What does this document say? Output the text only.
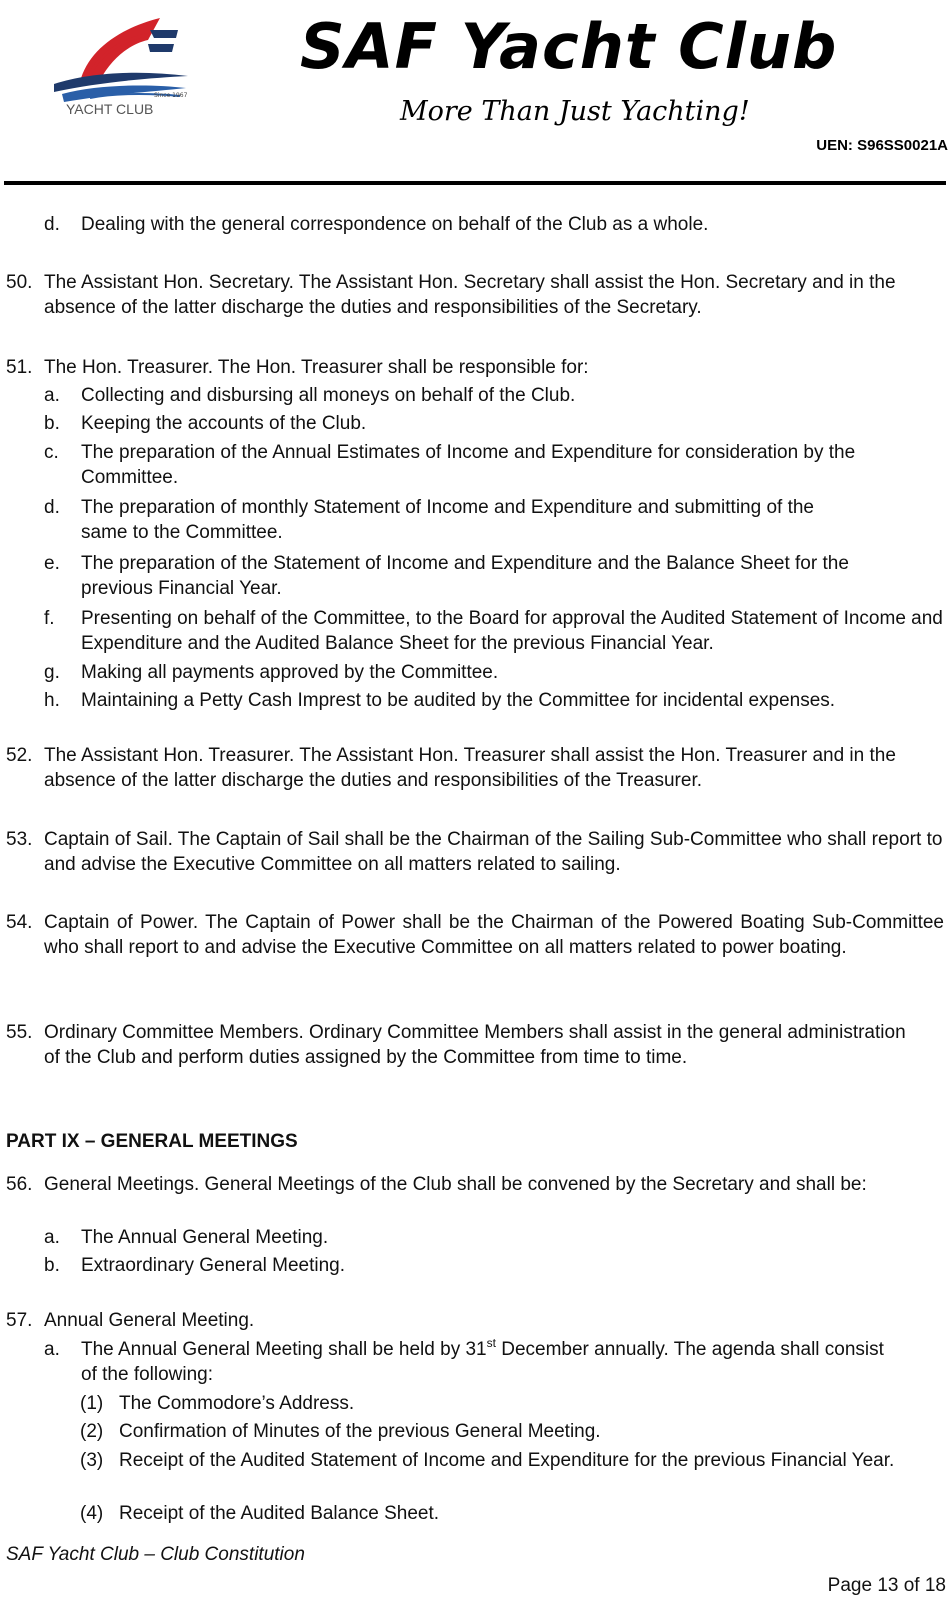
Since 1967
YACHT CLUB
SAF Yacht Club
More Than Just Yachting!
UEN: S96SS0021A
d. Dealing with the general correspondence on behalf of the Club as a whole.
50. The Assistant Hon. Secretary. The Assistant Hon. Secretary shall assist the Hon. Secretary and in the absence of the latter discharge the duties and responsibilities of the Secretary.
51. The Hon. Treasurer. The Hon. Treasurer shall be responsible for:
a. Collecting and disbursing all moneys on behalf of the Club.
b. Keeping the accounts of the Club.
c. The preparation of the Annual Estimates of Income and Expenditure for consideration by the Committee.
d. The preparation of monthly Statement of Income and Expenditure and submitting of the same to the Committee.
e. The preparation of the Statement of Income and Expenditure and the Balance Sheet for the previous Financial Year.
f. Presenting on behalf of the Committee, to the Board for approval the Audited Statement of Income and Expenditure and the Audited Balance Sheet for the previous Financial Year.
g. Making all payments approved by the Committee.
h. Maintaining a Petty Cash Imprest to be audited by the Committee for incidental expenses.
52. The Assistant Hon. Treasurer. The Assistant Hon. Treasurer shall assist the Hon. Treasurer and in the absence of the latter discharge the duties and responsibilities of the Treasurer.
53. Captain of Sail. The Captain of Sail shall be the Chairman of the Sailing Sub-Committee who shall report to and advise the Executive Committee on all matters related to sailing.
54. Captain of Power. The Captain of Power shall be the Chairman of the Powered Boating Sub-Committee who shall report to and advise the Executive Committee on all matters related to power boating.
55. Ordinary Committee Members. Ordinary Committee Members shall assist in the general administration of the Club and perform duties assigned by the Committee from time to time.
PART IX – GENERAL MEETINGS
56. General Meetings. General Meetings of the Club shall be convened by the Secretary and shall be:
a. The Annual General Meeting.
b. Extraordinary General Meeting.
57. Annual General Meeting.
a. The Annual General Meeting shall be held by 31st December annually. The agenda shall consist of the following:
(1) The Commodore’s Address.
(2) Confirmation of Minutes of the previous General Meeting.
(3) Receipt of the Audited Statement of Income and Expenditure for the previous Financial Year.
(4) Receipt of the Audited Balance Sheet.
SAF Yacht Club – Club Constitution
Page 13 of 18
